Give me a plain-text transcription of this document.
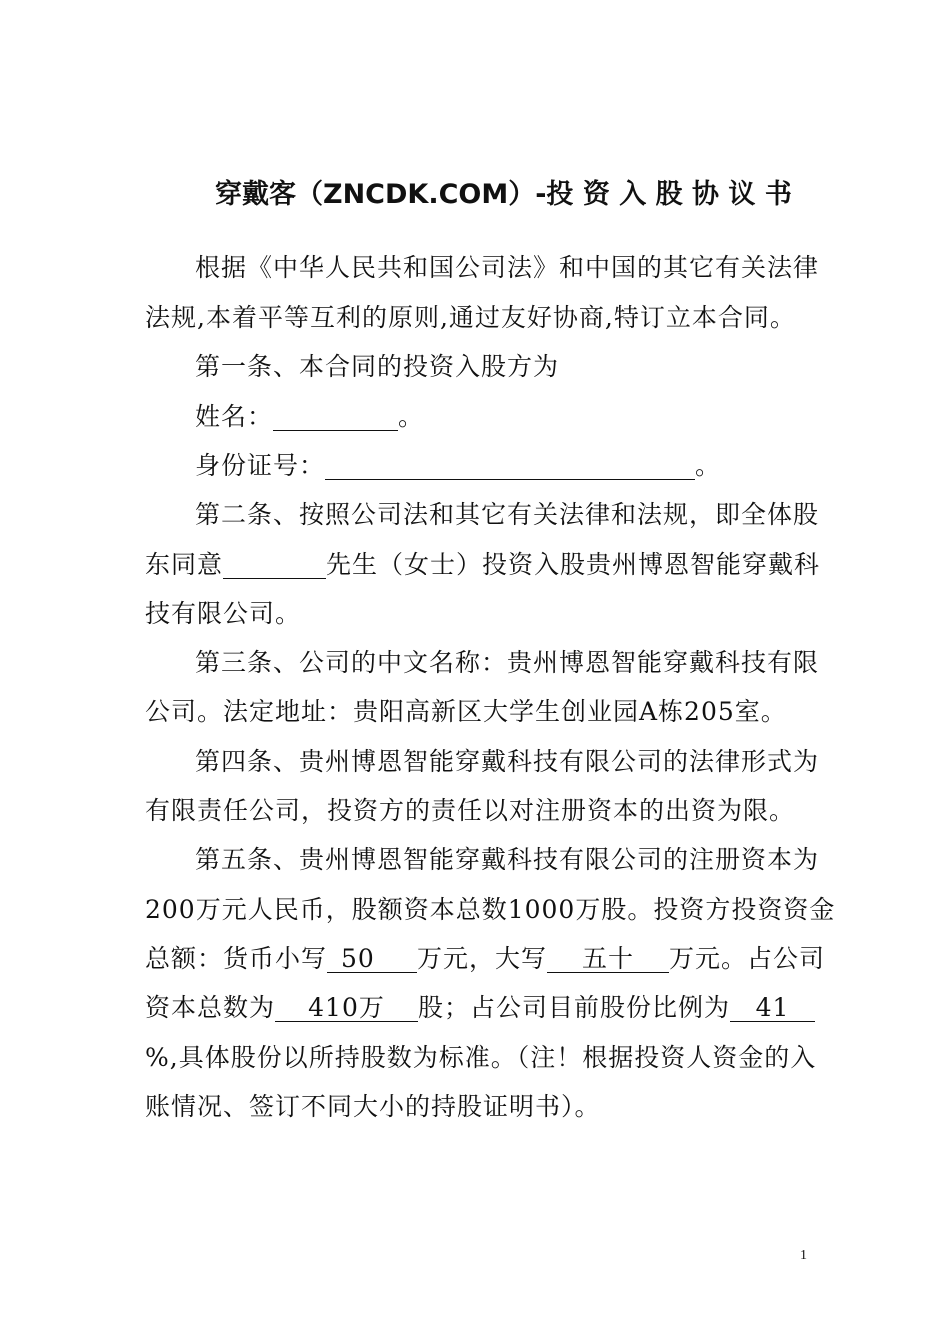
穿戴客（ZNCDK.COM）-投 资 入 股 协 议 书
根据《中华人民共和国公司法》和中国的其它有关法律
法规,本着平等互利的原则,通过友好协商,特订立本合同。
第一条、本合同的投资入股方为
姓名：	。
身份证号：	。
第二条、按照公司法和其它有关法律和法规，即全体股
东同意	先生（女士）投资入股贵州博恩智能穿戴科
技有限公司。
第三条、公司的中文名称：贵州博恩智能穿戴科技有限
公司。法定地址：贵阳高新区大学生创业园A栋205室。
第四条、贵州博恩智能穿戴科技有限公司的法律形式为
有限责任公司，投资方的责任以对注册资本的出资为限。
第五条、贵州博恩智能穿戴科技有限公司的注册资本为
200万元人民币，股额资本总数1000万股。投资方投资资金
总额：货币小写 50 万元，大写 五十 万元。占公司
资本总数为 410万 股；占公司目前股份比例为 41
%,具体股份以所持股数为标准。（注！根据投资人资金的入
账情况、签订不同大小的持股证明书）。
1
